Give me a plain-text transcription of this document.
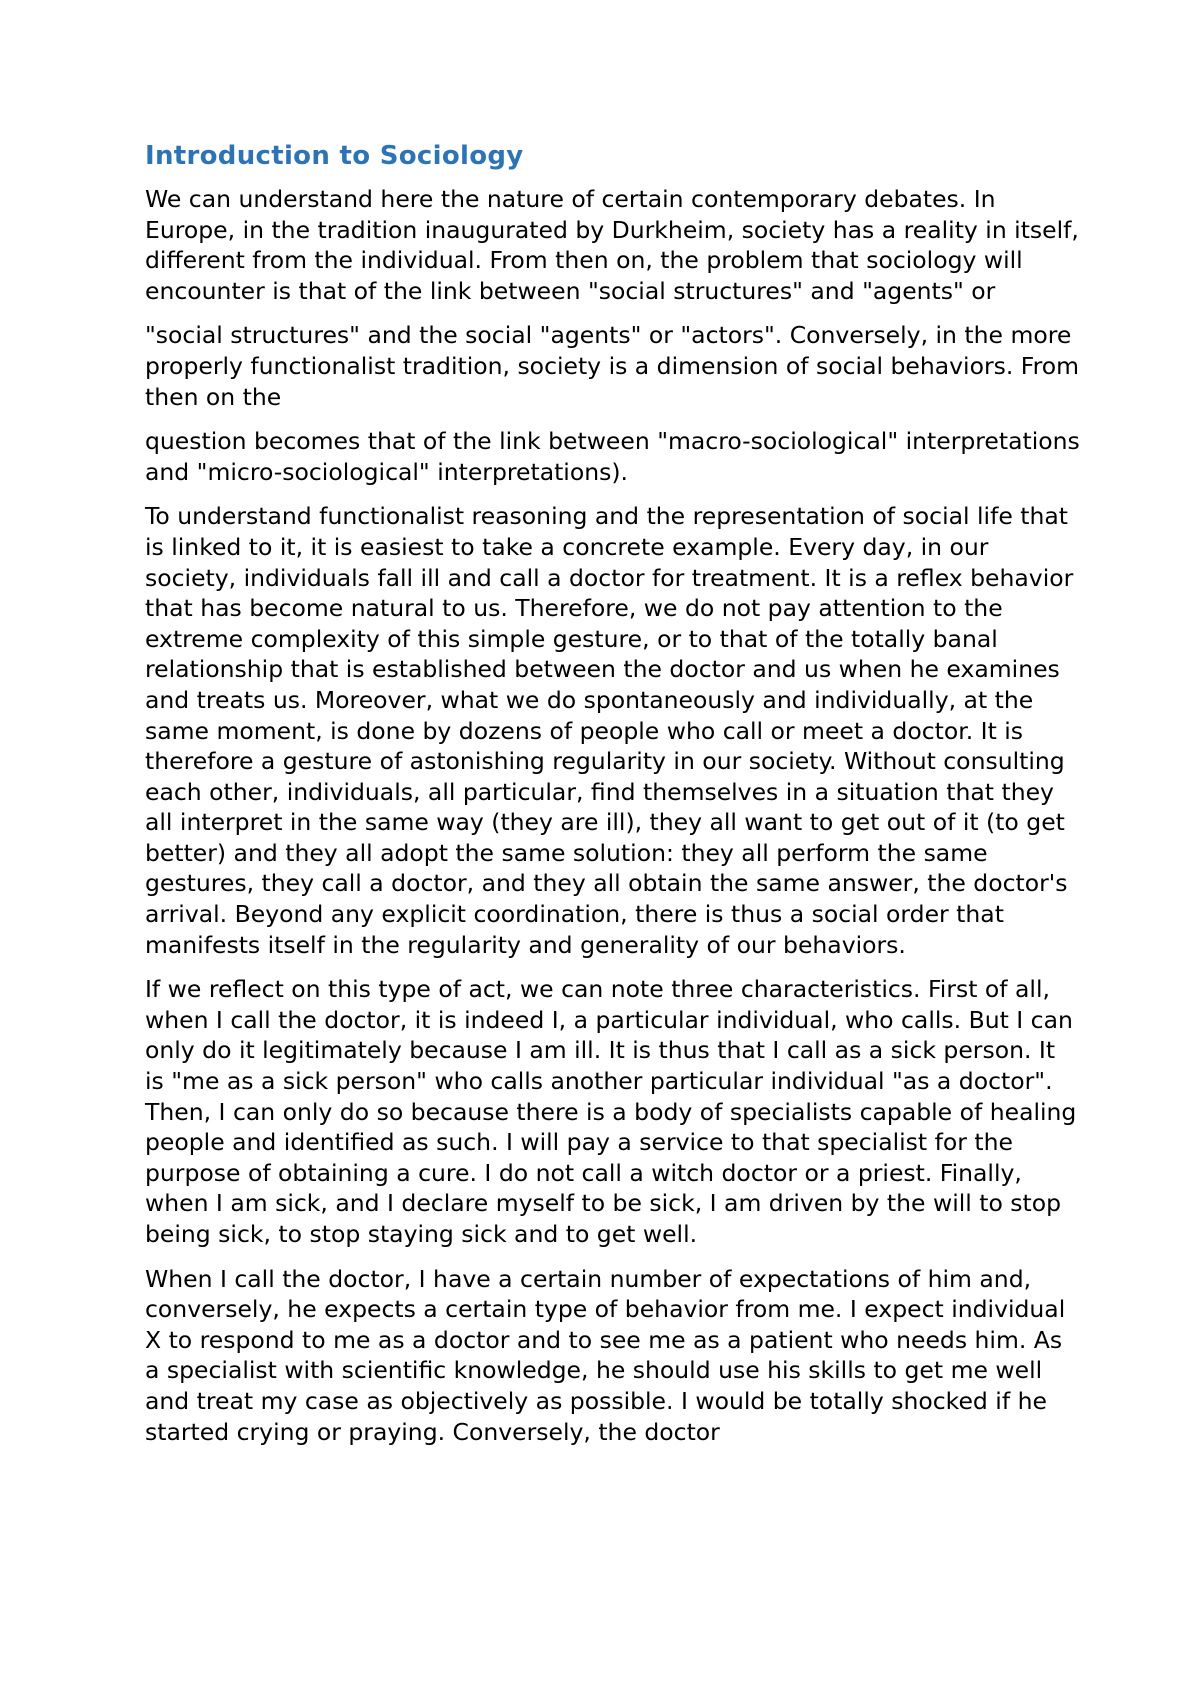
Introduction to Sociology

We can understand here the nature of certain contemporary debates. In Europe, in the tradition inaugurated by Durkheim, society has a reality in itself, different from the individual. From then on, the problem that sociology will encounter is that of the link between "social structures" and "agents" or

"social structures" and the social "agents" or "actors". Conversely, in the more properly functionalist tradition, society is a dimension of social behaviors. From then on the

question becomes that of the link between "macro-sociological" interpretations and "micro-sociological" interpretations).

To understand functionalist reasoning and the representation of social life that is linked to it, it is easiest to take a concrete example. Every day, in our society, individuals fall ill and call a doctor for treatment. It is a reflex behavior that has become natural to us. Therefore, we do not pay attention to the extreme complexity of this simple gesture, or to that of the totally banal relationship that is established between the doctor and us when he examines and treats us. Moreover, what we do spontaneously and individually, at the same moment, is done by dozens of people who call or meet a doctor. It is therefore a gesture of astonishing regularity in our society. Without consulting each other, individuals, all particular, find themselves in a situation that they all interpret in the same way (they are ill), they all want to get out of it (to get better) and they all adopt the same solution: they all perform the same gestures, they call a doctor, and they all obtain the same answer, the doctor's arrival. Beyond any explicit coordination, there is thus a social order that manifests itself in the regularity and generality of our behaviors.

If we reflect on this type of act, we can note three characteristics. First of all, when I call the doctor, it is indeed I, a particular individual, who calls. But I can only do it legitimately because I am ill. It is thus that I call as a sick person. It is "me as a sick person" who calls another particular individual "as a doctor". Then, I can only do so because there is a body of specialists capable of healing people and identified as such. I will pay a service to that specialist for the purpose of obtaining a cure. I do not call a witch doctor or a priest. Finally, when I am sick, and I declare myself to be sick, I am driven by the will to stop being sick, to stop staying sick and to get well.

When I call the doctor, I have a certain number of expectations of him and, conversely, he expects a certain type of behavior from me. I expect individual X to respond to me as a doctor and to see me as a patient who needs him. As a specialist with scientific knowledge, he should use his skills to get me well and treat my case as objectively as possible. I would be totally shocked if he started crying or praying. Conversely, the doctor
